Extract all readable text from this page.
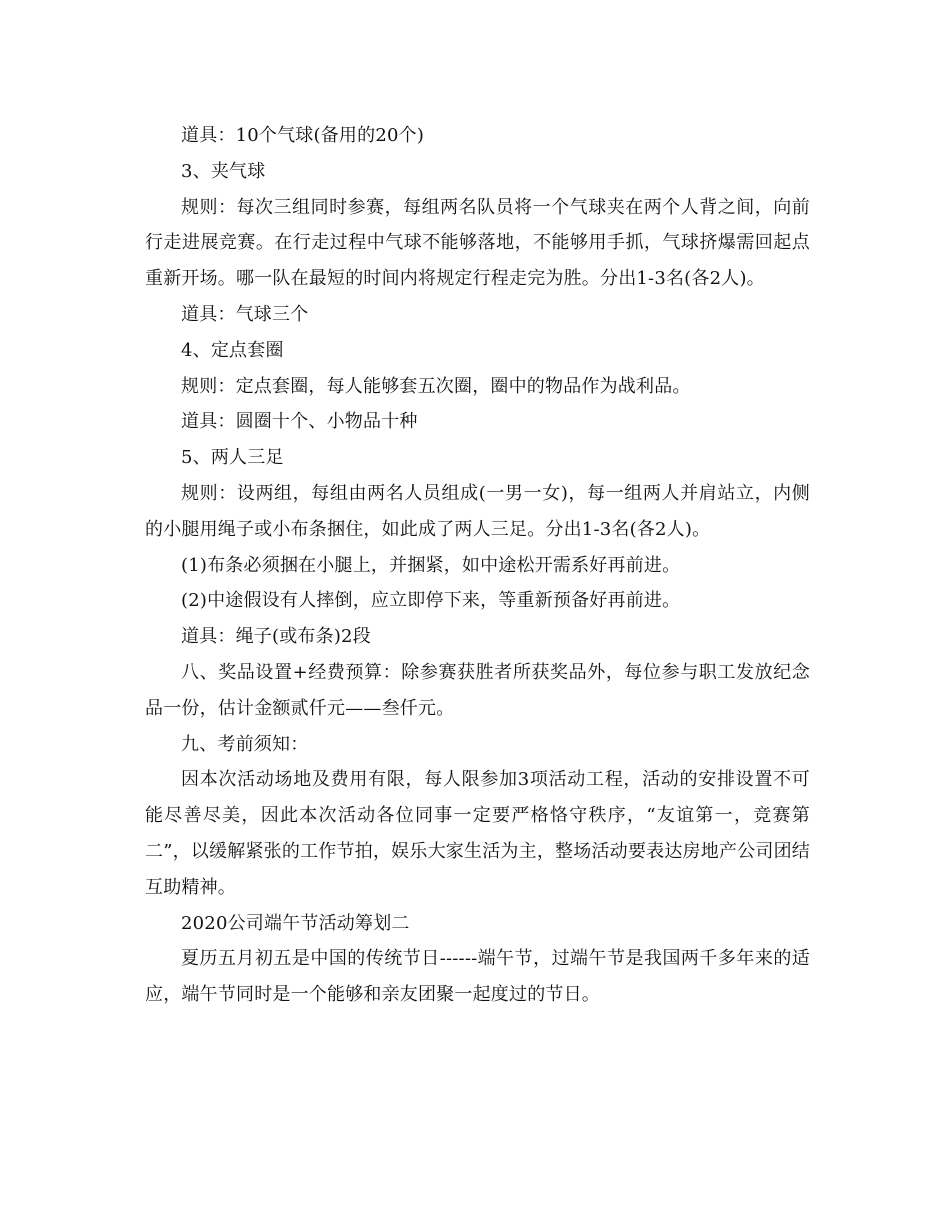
道具：10个气球(备用的20个)

3、夹气球

规则：每次三组同时参赛，每组两名队员将一个气球夹在两个人背之间，向前行走进展竞赛。在行走过程中气球不能够落地，不能够用手抓，气球挤爆需回起点重新开场。哪一队在最短的时间内将规定行程走完为胜。分出1-3名(各2人)。

道具：气球三个

4、定点套圈

规则：定点套圈，每人能够套五次圈，圈中的物品作为战利品。

道具：圆圈十个、小物品十种

5、两人三足

规则：设两组，每组由两名人员组成(一男一女)，每一组两人并肩站立，内侧的小腿用绳子或小布条捆住，如此成了两人三足。分出1-3名(各2人)。

(1)布条必须捆在小腿上，并捆紧，如中途松开需系好再前进。

(2)中途假设有人摔倒，应立即停下来，等重新预备好再前进。

道具：绳子(或布条)2段

八、奖品设置+经费预算：除参赛获胜者所获奖品外，每位参与职工发放纪念品一份，估计金额贰仟元——叁仟元。

九、考前须知：

因本次活动场地及费用有限，每人限参加3项活动工程，活动的安排设置不可能尽善尽美，因此本次活动各位同事一定要严格恪守秩序，“友谊第一，竞赛第二”，以缓解紧张的工作节拍，娱乐大家生活为主，整场活动要表达房地产公司团结互助精神。

2020公司端午节活动筹划二

夏历五月初五是中国的传统节日------端午节，过端午节是我国两千多年来的适应，端午节同时是一个能够和亲友团聚一起度过的节日。
